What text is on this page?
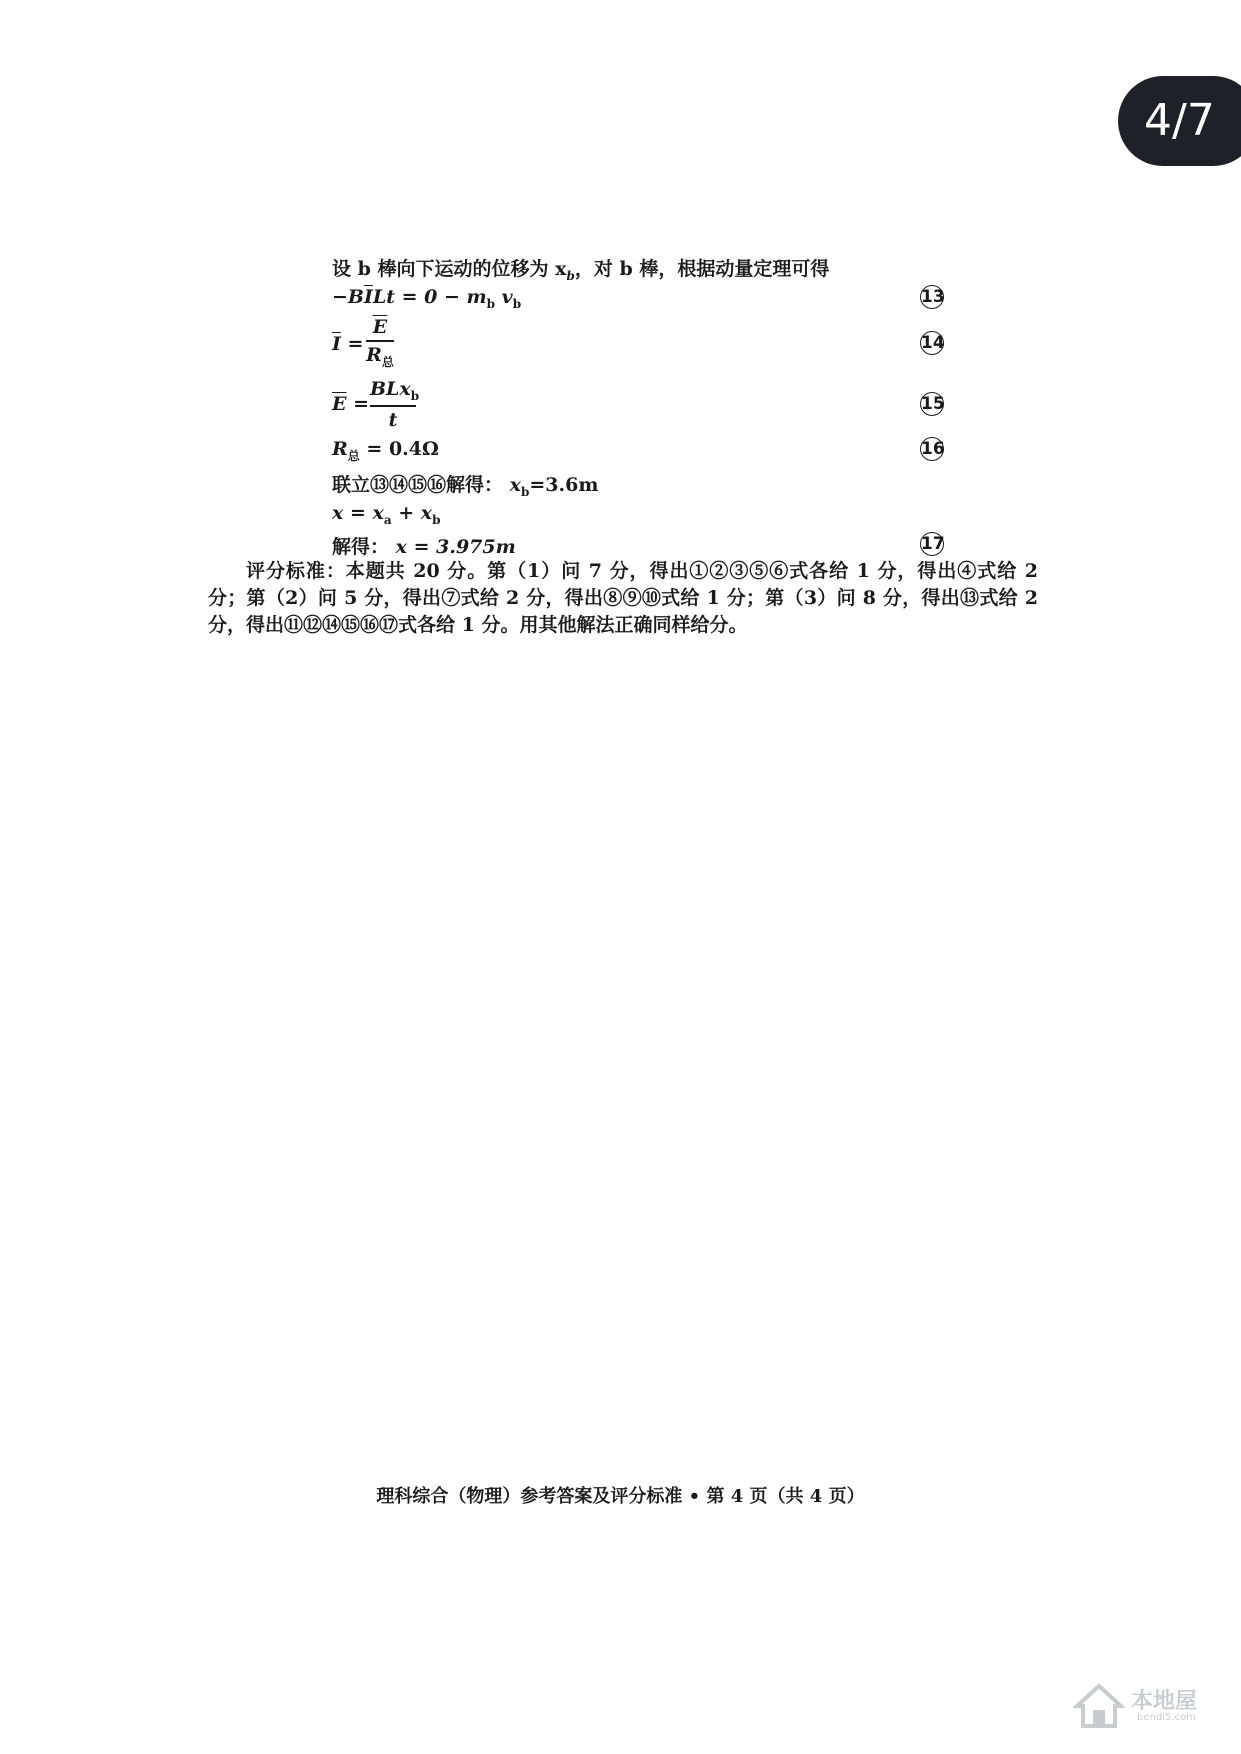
4/7
设 b 棒向下运动的位移为 $x_b$，对 b 棒，根据动量定理可得
$-B\overline{I}Lt = 0 - m_b$ $v_b$	13
$\overline{I}$ =
$\overline{E}$
$R_总$
14
$\overline{E}$ =
BLx$_b$
t
15
$R_总 = 0.4\Omega$	16
联立⑬⑭⑮⑯解得： $x_b=3.6m$
$x = x_a + x_b$
解得： x = 3.975m	17
评分标准：本题共 20 分。第（1）问 7 分，得出①②③⑤⑥式各给 1 分，得出④式给 2 分；第（2）问 5 分，得出⑦式给 2 分，得出⑧⑨⑩式给 1 分；第（3）问 8 分，得出⑬式给 2 分，得出⑪⑫⑭⑮⑯⑰式各给 1 分。用其他解法正确同样给分。
理科综合（物理）参考答案及评分标准 • 第 4 页（共 4 页）
本地屋
bendi5.com
